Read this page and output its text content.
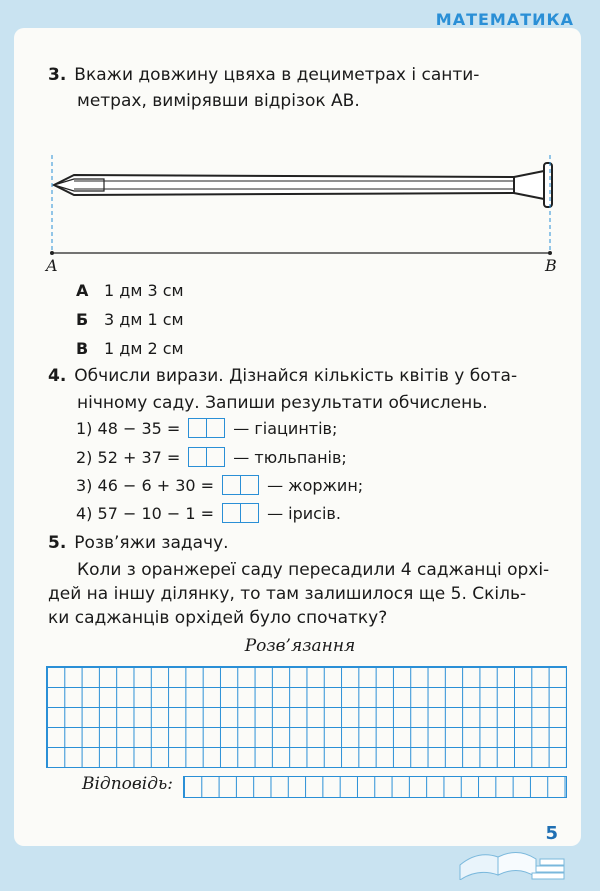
МАТЕМАТИКА
3. Вкажи довжину цвяха в дециметрах і санти-
метрах, вимірявши відрізок AB.
A	B
А 1 дм 3 см
Б 3 дм 1 см
В 1 дм 2 см
4. Обчисли вирази. Дізнайся кількість квітів у бота-
нічному саду. Запиши результати обчислень.
1) 48 − 35 =	— гіацинтів;
2) 52 + 37 =	— тюльпанів;
3) 46 − 6 + 30 =	— жоржин;
4) 57 − 10 − 1 =	— ірисів.
5. Розв’яжи задачу.
Коли з оранжереї саду пересадили 4 саджанці орхі-
дей на іншу ділянку, то там залишилося ще 5. Скіль-
ки саджанців орхідей було спочатку?
Розв’язання
Відповідь:
5
